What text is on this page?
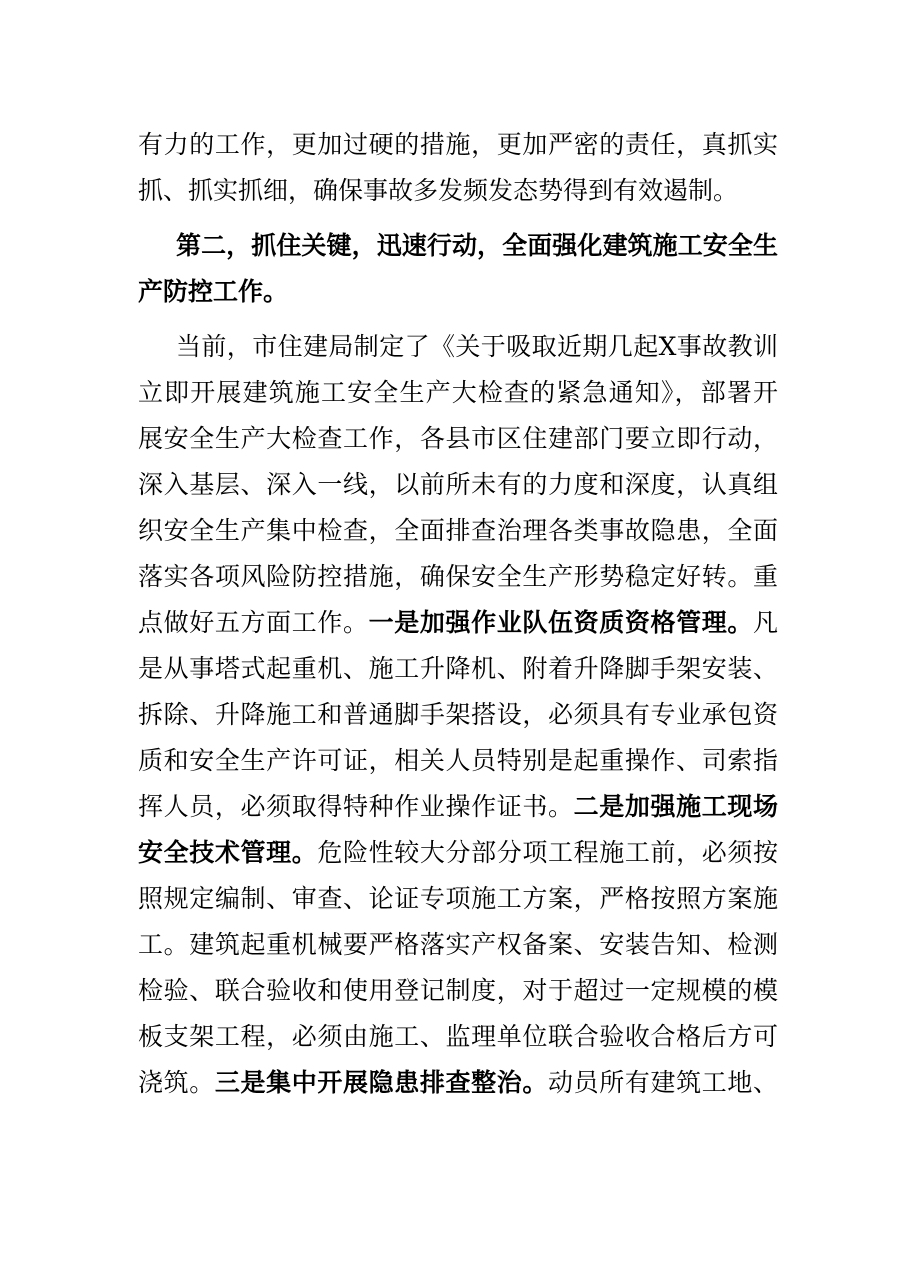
有力的工作，更加过硬的措施，更加严密的责任，真抓实
抓、抓实抓细，确保事故多发频发态势得到有效遏制。
第二，抓住关键，迅速行动，全面强化建筑施工安全生
产防控工作。
当前，市住建局制定了《关于吸取近期几起X事故教训
立即开展建筑施工安全生产大检查的紧急通知》，部署开
展安全生产大检查工作，各县市区住建部门要立即行动，
深入基层、深入一线，以前所未有的力度和深度，认真组
织安全生产集中检查，全面排查治理各类事故隐患，全面
落实各项风险防控措施，确保安全生产形势稳定好转。重
点做好五方面工作。一是加强作业队伍资质资格管理。凡
是从事塔式起重机、施工升降机、附着升降脚手架安装、
拆除、升降施工和普通脚手架搭设，必须具有专业承包资
质和安全生产许可证，相关人员特别是起重操作、司索指
挥人员，必须取得特种作业操作证书。二是加强施工现场
安全技术管理。危险性较大分部分项工程施工前，必须按
照规定编制、审查、论证专项施工方案，严格按照方案施
工。建筑起重机械要严格落实产权备案、安装告知、检测
检验、联合验收和使用登记制度，对于超过一定规模的模
板支架工程，必须由施工、监理单位联合验收合格后方可
浇筑。三是集中开展隐患排查整治。动员所有建筑工地、
